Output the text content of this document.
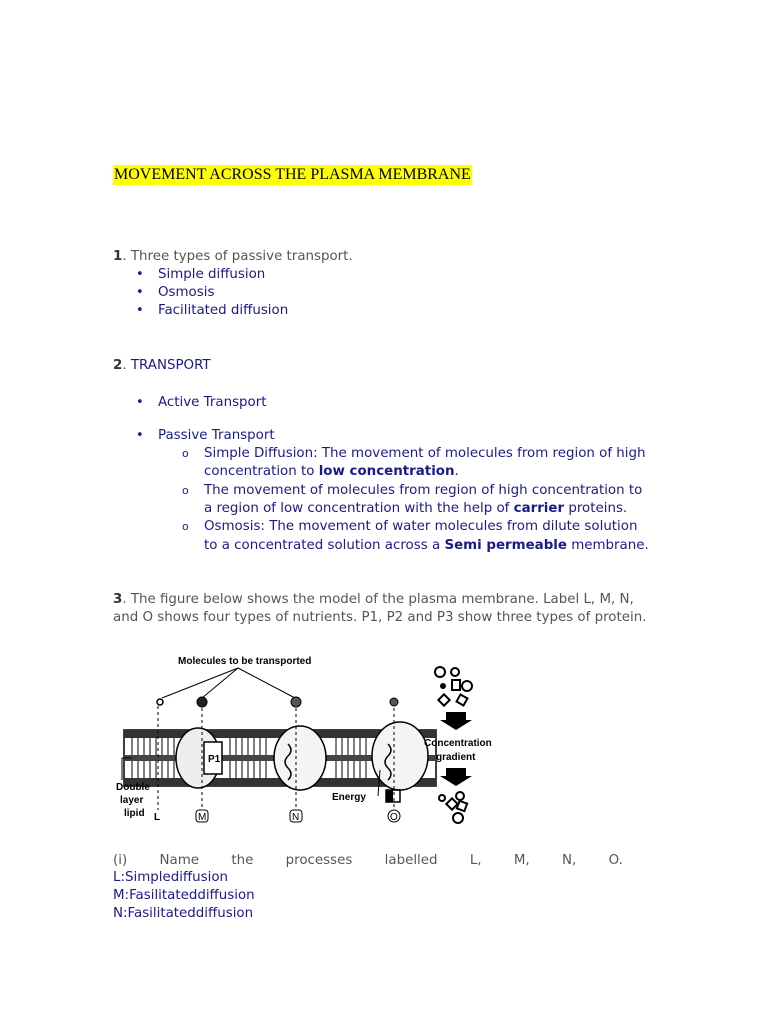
MOVEMENT ACROSS THE PLASMA MEMBRANE
1. Three types of passive transport.
• Simple diffusion
• Osmosis
• Facilitated diffusion
2. TRANSPORT
• Active Transport
• Passive Transport
o Simple Diffusion: The movement of molecules from region of high
concentration to low concentration.
o The movement of molecules from region of high concentration to
a region of low concentration with the help of carrier proteins.
o Osmosis: The movement of water molecules from dilute solution
to a concentrated solution across a Semi permeable membrane.
3. The figure below shows the model of the plasma membrane. Label L, M, N,
and O shows four types of nutrients. P1, P2 and P3 show three types of protein.
Molecules to be transported
P1
Double
layer
lipid L	M	N	O
Energy
Concentration
gradient
(i) Name the processes labelled L, M, N, O.
L:Simplediffusion
M:Fasilitateddiffusion
N:Fasilitateddiffusion
